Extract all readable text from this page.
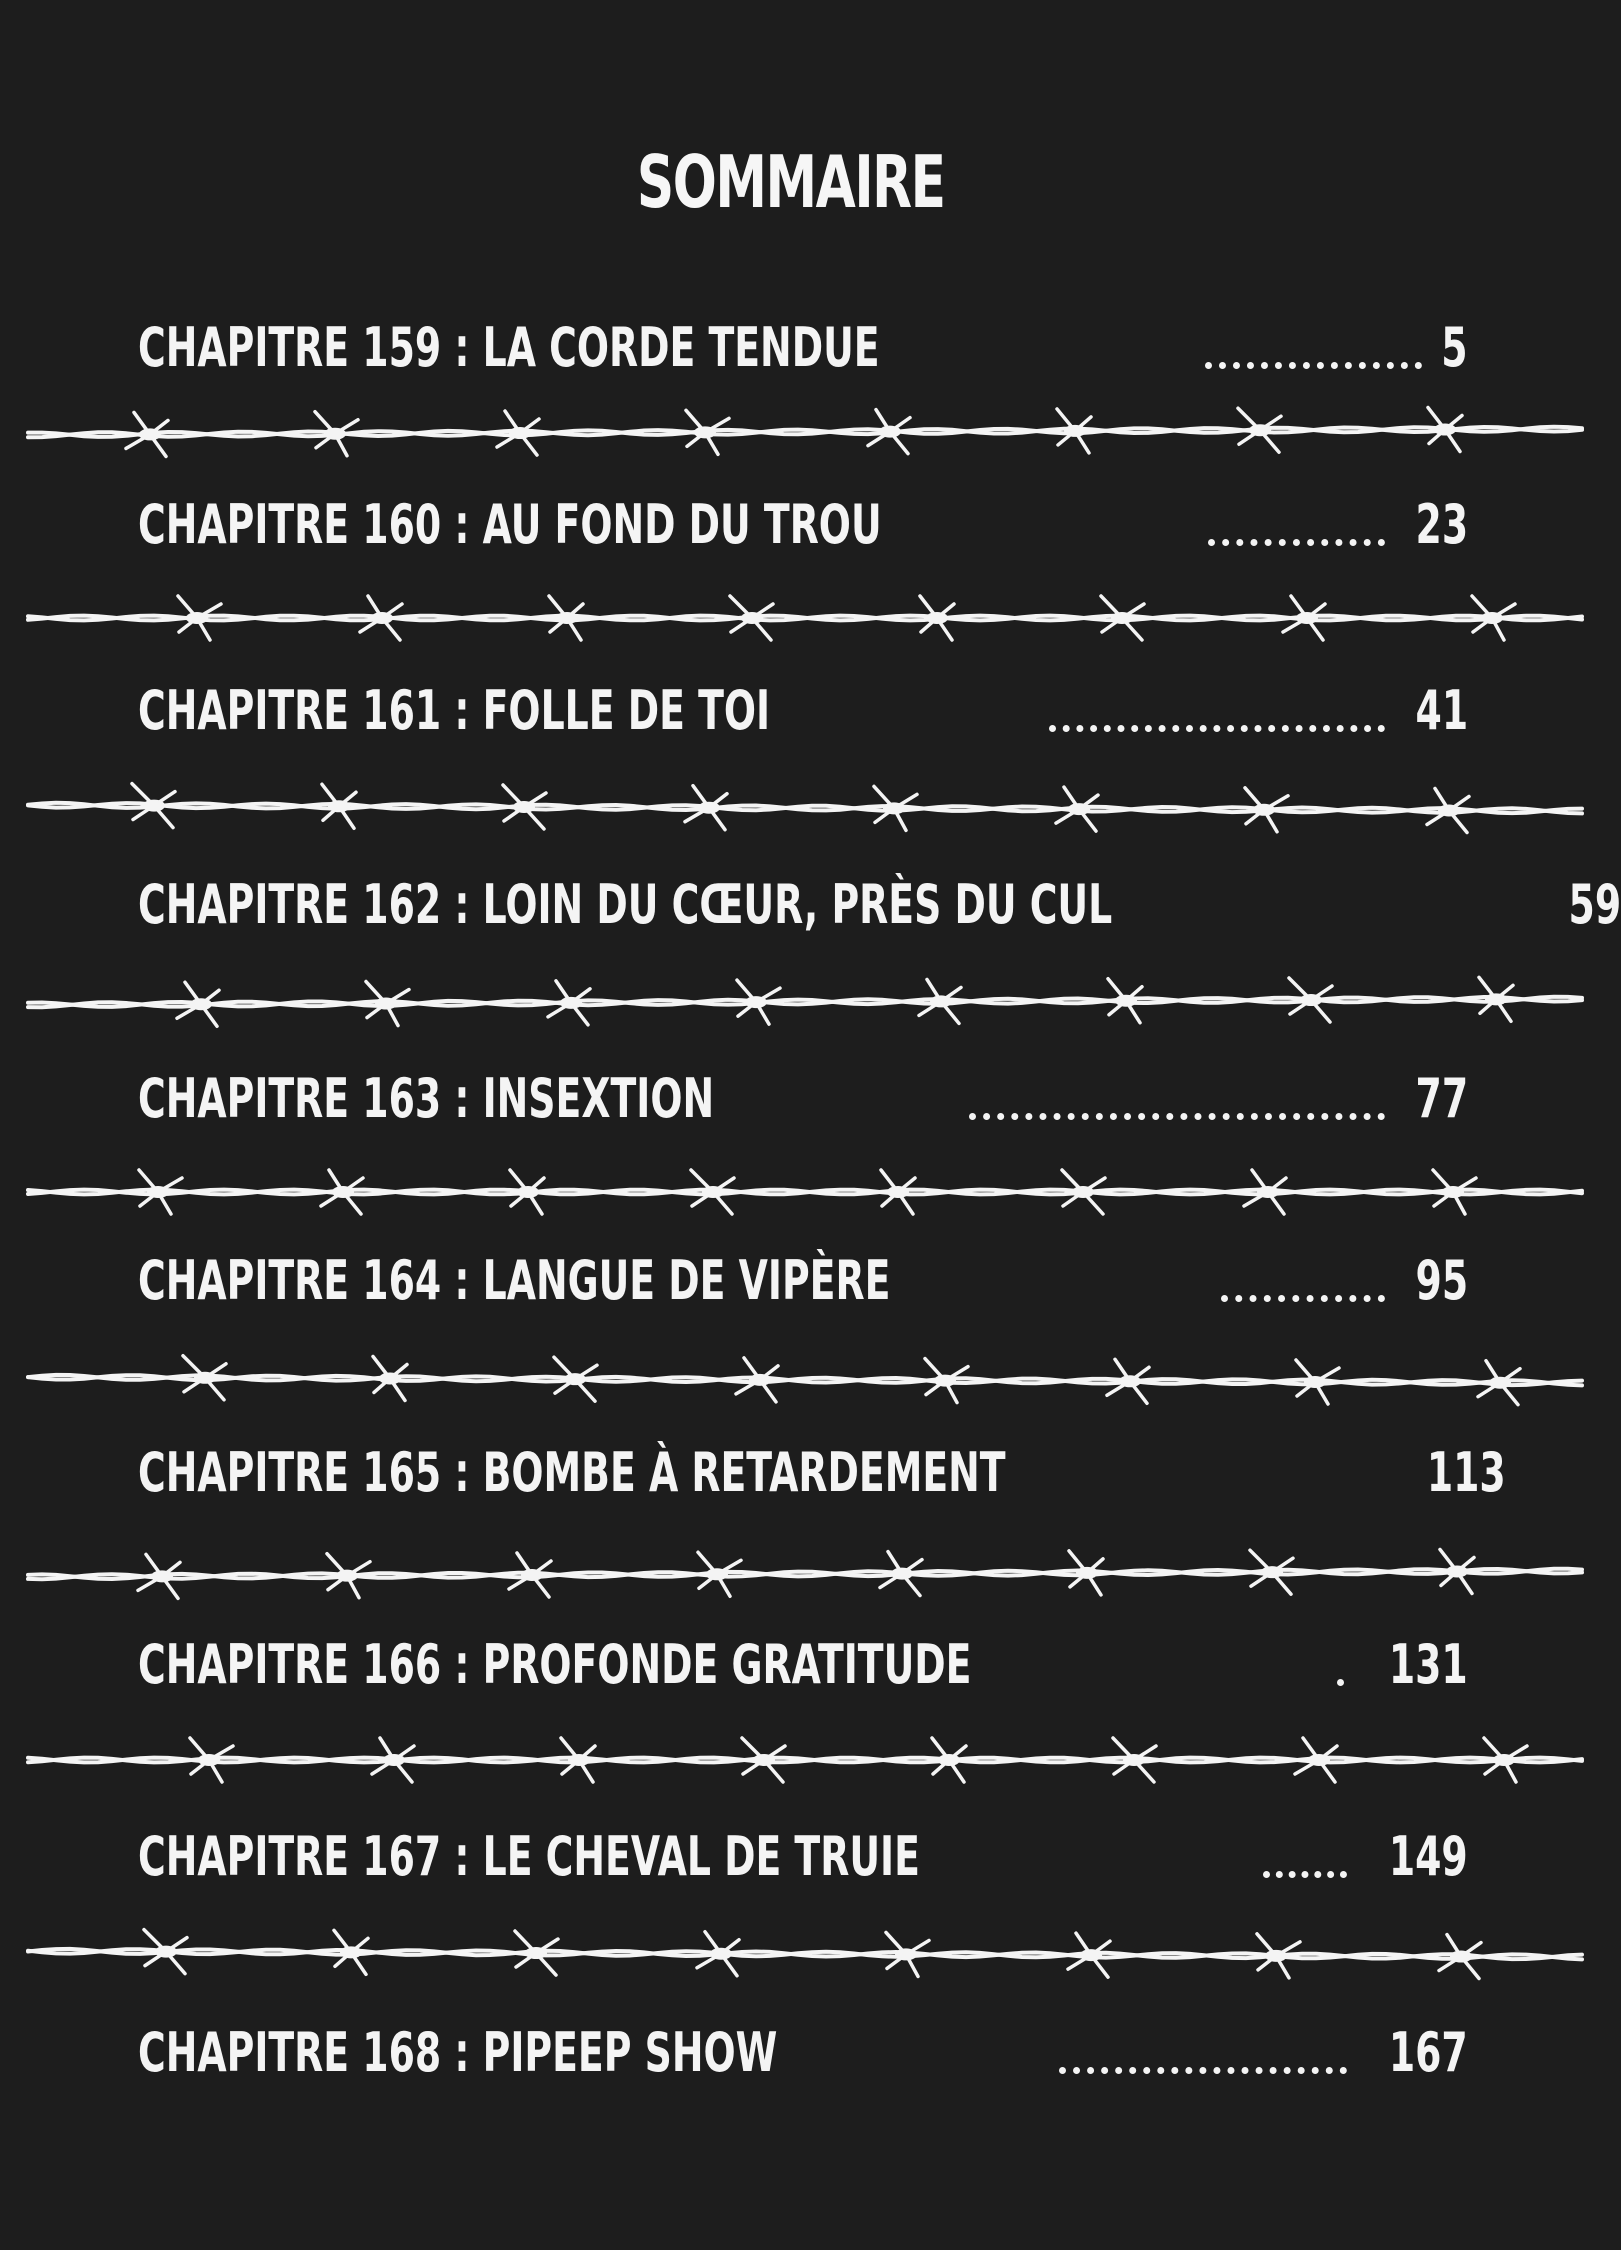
SOMMAIRE
CHAPITRE 159 : LA CORDE TENDUE	5
CHAPITRE 160 : AU FOND DU TROU	23
CHAPITRE 161 : FOLLE DE TOI	41
CHAPITRE 162 : LOIN DU CŒUR, PRÈS DU CUL	59
CHAPITRE 163 : INSEXTION	77
CHAPITRE 164 : LANGUE DE VIPÈRE	95
CHAPITRE 165 : BOMBE À RETARDEMENT	113
CHAPITRE 166 : PROFONDE GRATITUDE	131
CHAPITRE 167 : LE CHEVAL DE TRUIE	149
CHAPITRE 168 : PIPEEP SHOW	167
